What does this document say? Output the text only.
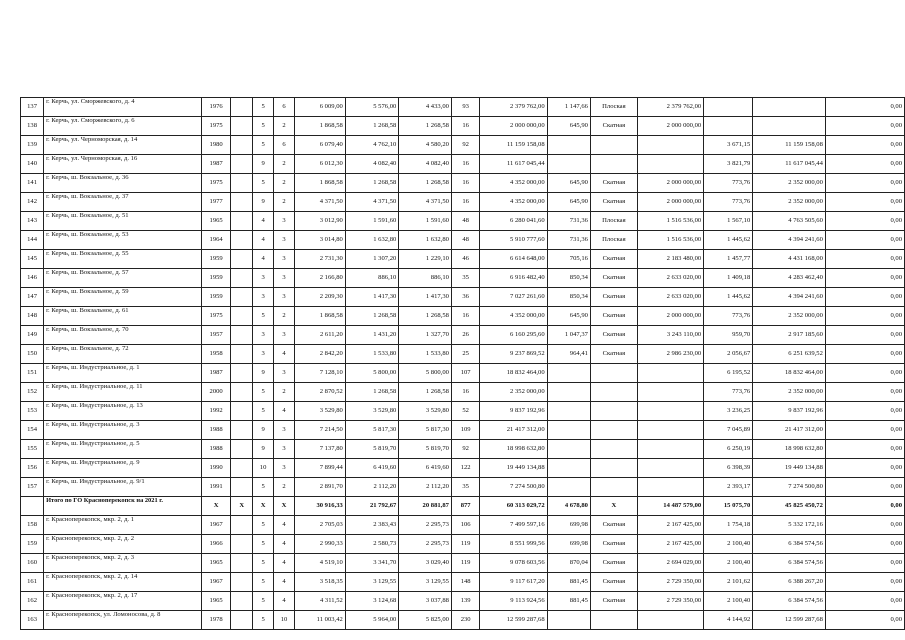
137	г. Керчь, ул. Сморжевского, д. 4	1976		5	6	6 009,00	5 576,00	4 433,00	93	2 379 762,00	1 147,66	Плоская	2 379 762,00			0,00
138	г. Керчь, ул. Сморжевского, д. 6	1975		5	2	1 868,58	1 268,58	1 268,58	16	2 000 000,00	645,90	Скатная	2 000 000,00			0,00
139	г. Керчь, ул. Черноморская, д. 14	1980		5	6	6 079,40	4 762,10	4 580,20	92	11 159 158,08				3 671,15	11 159 158,08	0,00
140	г. Керчь, ул. Черноморская, д. 16	1987		9	2	6 012,30	4 082,40	4 082,40	16	11 617 045,44				3 821,79	11 617 045,44	0,00
141	г. Керчь, ш. Вокзальное, д. 36	1975		5	2	1 868,58	1 268,58	1 268,58	16	4 352 000,00	645,90	Скатная	2 000 000,00	773,76	2 352 000,00	0,00
142	г. Керчь, ш. Вокзальное, д. 37	1977		9	2	4 371,50	4 371,50	4 371,50	16	4 352 000,00	645,90	Скатная	2 000 000,00	773,76	2 352 000,00	0,00
143	г. Керчь, ш. Вокзальное, д. 51	1965		4	3	3 012,90	1 591,60	1 591,60	48	6 280 041,60	731,36	Плоская	1 516 536,00	1 567,10	4 763 505,60	0,00
144	г. Керчь, ш. Вокзальное, д. 53	1964		4	3	3 014,80	1 632,80	1 632,80	48	5 910 777,60	731,36	Плоская	1 516 536,00	1 445,62	4 394 241,60	0,00
145	г. Керчь, ш. Вокзальное, д. 55	1959		4	3	2 731,30	1 307,20	1 229,10	46	6 614 648,00	705,16	Скатная	2 183 480,00	1 457,77	4 431 168,00	0,00
146	г. Керчь, ш. Вокзальное, д. 57	1959		3	3	2 166,80	886,10	886,10	35	6 916 482,40	850,34	Скатная	2 633 020,00	1 409,18	4 283 462,40	0,00
147	г. Керчь, ш. Вокзальное, д. 59	1959		3	3	2 209,30	1 417,30	1 417,30	36	7 027 261,60	850,34	Скатная	2 633 020,00	1 445,62	4 394 241,60	0,00
148	г. Керчь, ш. Вокзальное, д. 61	1975		5	2	1 868,58	1 268,58	1 268,58	16	4 352 000,00	645,90	Скатная	2 000 000,00	773,76	2 352 000,00	0,00
149	г. Керчь, ш. Вокзальное, д. 70	1957		3	3	2 611,20	1 431,20	1 327,70	26	6 160 295,60	1 047,37	Скатная	3 243 110,00	959,70	2 917 185,60	0,00
150	г. Керчь, ш. Вокзальное, д. 72	1958		3	4	2 842,20	1 533,80	1 533,80	25	9 237 869,52	964,41	Скатная	2 986 230,00	2 056,67	6 251 639,52	0,00
151	г. Керчь, ш. Индустриальное, д. 1	1987		9	3	7 128,10	5 800,00	5 800,00	107	18 832 464,00				6 195,52	18 832 464,00	0,00
152	г. Керчь, ш. Индустриальное, д. 11	2000		5	2	2 870,52	1 268,58	1 268,58	16	2 352 000,00				773,76	2 352 000,00	0,00
153	г. Керчь, ш. Индустриальное, д. 13	1992		5	4	3 529,80	3 529,80	3 529,80	52	9 837 192,96				3 236,25	9 837 192,96	0,00
154	г. Керчь, ш. Индустриальное, д. 3	1988		9	3	7 214,50	5 817,30	5 817,30	109	21 417 312,00				7 045,89	21 417 312,00	0,00
155	г. Керчь, ш. Индустриальное, д. 5	1988		9	3	7 137,80	5 819,70	5 819,70	92	18 998 632,80				6 250,19	18 998 632,80	0,00
156	г. Керчь, ш. Индустриальное, д. 9	1990		10	3	7 899,44	6 419,60	6 419,60	122	19 449 134,88				6 398,39	19 449 134,88	0,00
157	г. Керчь, ш. Индустриальное, д. 9/1	1991		5	2	2 891,70	2 112,20	2 112,20	35	7 274 500,80				2 393,17	7 274 500,80	0,00
	Итого по ГО Красноперекопск на 2021 г.	X	X	X	X	30 916,33	21 792,67	20 881,87	877	60 313 029,72	4 678,80	X	14 487 579,00	15 075,70	45 825 450,72	0,00
158	г. Красноперекопск, мкр. 2, д. 1	1967		5	4	2 705,03	2 383,43	2 295,73	106	7 499 597,16	699,98	Скатная	2 167 425,00	1 754,18	5 332 172,16	0,00
159	г. Красноперекопск, мкр. 2, д. 2	1966		5	4	2 990,33	2 580,73	2 295,73	119	8 551 999,56	699,98	Скатная	2 167 425,00	2 100,40	6 384 574,56	0,00
160	г. Красноперекопск, мкр. 2, д. 3	1965		5	4	4 519,10	3 341,70	3 029,40	119	9 078 603,56	870,04	Скатная	2 694 029,00	2 100,40	6 384 574,56	0,00
161	г. Красноперекопск, мкр. 2, д. 14	1967		5	4	3 518,35	3 129,55	3 129,55	148	9 117 617,20	881,45	Скатная	2 729 350,00	2 101,62	6 388 267,20	0,00
162	г. Красноперекопск, мкр. 2, д. 17	1965		5	4	4 311,52	3 124,68	3 037,88	139	9 113 924,56	881,45	Скатная	2 729 350,00	2 100,40	6 384 574,56	0,00
163	г. Красноперекопск, ул. Ломоносова, д. 8	1978		5	10	11 003,42	5 964,00	5 825,00	230	12 599 287,68				4 144,92	12 599 287,68	0,00
